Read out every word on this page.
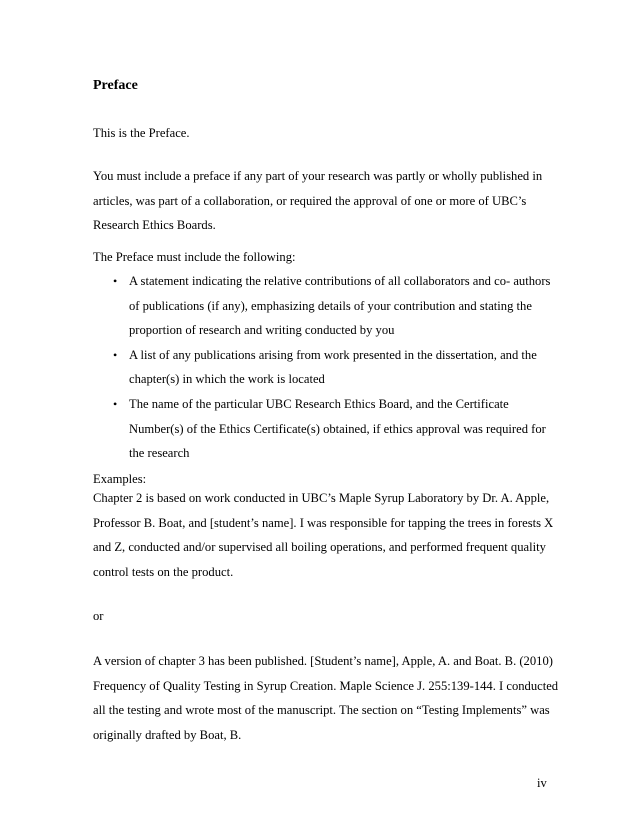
Preface

This is the Preface.

You must include a preface if any part of your research was partly or wholly published in
articles, was part of a collaboration, or required the approval of one or more of UBC’s
Research Ethics Boards.

The Preface must include the following:

• A statement indicating the relative contributions of all collaborators and co- authors
of publications (if any), emphasizing details of your contribution and stating the
proportion of research and writing conducted by you
• A list of any publications arising from work presented in the dissertation, and the
chapter(s) in which the work is located
• The name of the particular UBC Research Ethics Board, and the Certificate
Number(s) of the Ethics Certificate(s) obtained, if ethics approval was required for
the research

Examples:

Chapter 2 is based on work conducted in UBC’s Maple Syrup Laboratory by Dr. A. Apple,
Professor B. Boat, and [student’s name]. I was responsible for tapping the trees in forests X
and Z, conducted and/or supervised all boiling operations, and performed frequent quality
control tests on the product.

or

A version of chapter 3 has been published. [Student’s name], Apple, A. and Boat. B. (2010)
Frequency of Quality Testing in Syrup Creation. Maple Science J. 255:139-144. I conducted
all the testing and wrote most of the manuscript. The section on “Testing Implements” was
originally drafted by Boat, B.

iv
